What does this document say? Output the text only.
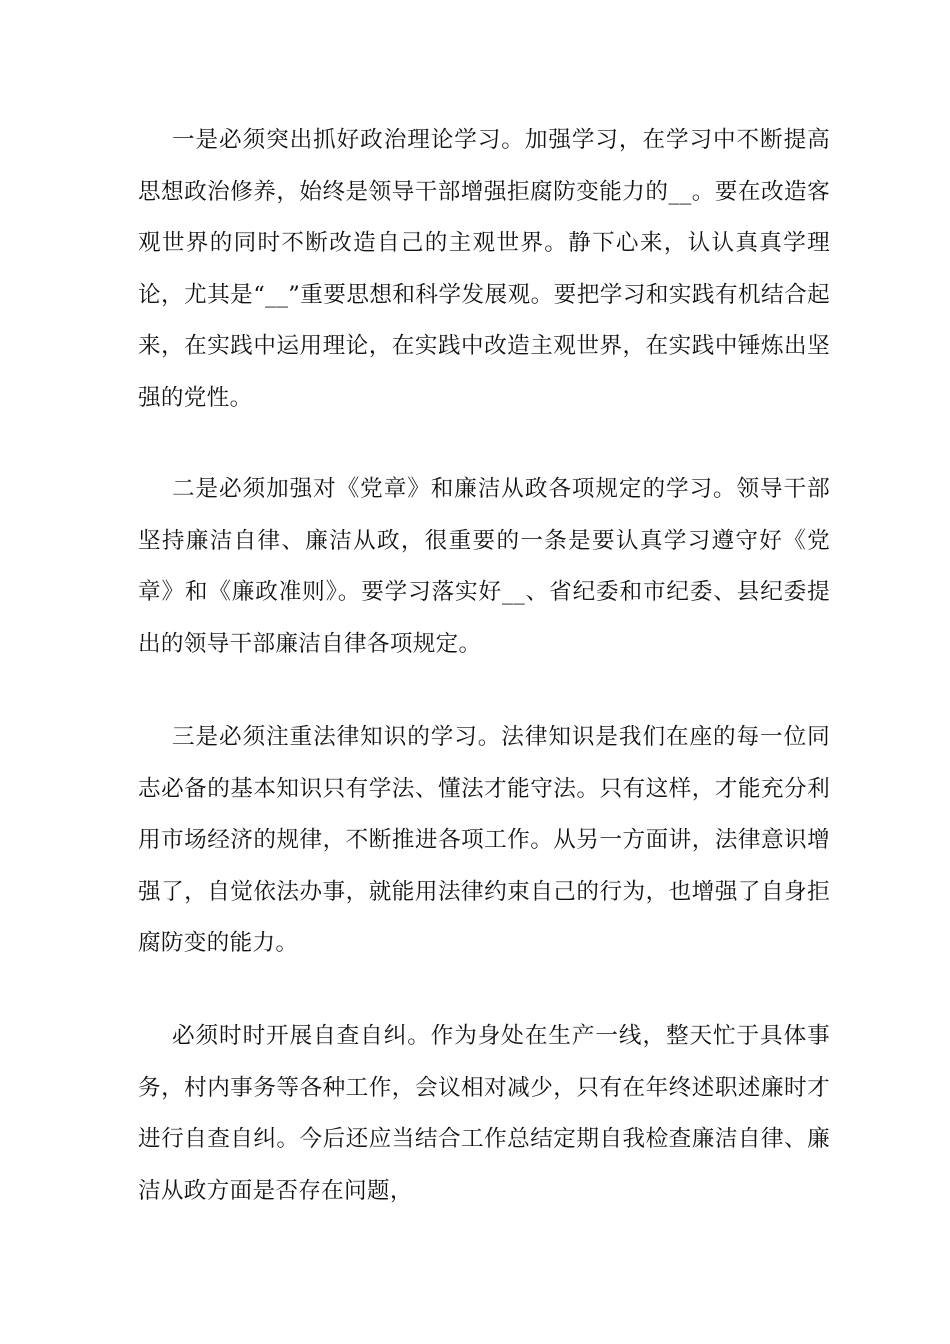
一是必须突出抓好政治理论学习。加强学习，在学习中不断提高思想政治修养，始终是领导干部增强拒腐防变能力的__。要在改造客观世界的同时不断改造自己的主观世界。静下心来，认认真真学理论，尤其是“__”重要思想和科学发展观。要把学习和实践有机结合起来，在实践中运用理论，在实践中改造主观世界，在实践中锤炼出坚强的党性。

二是必须加强对《党章》和廉洁从政各项规定的学习。领导干部坚持廉洁自律、廉洁从政，很重要的一条是要认真学习遵守好《党章》和《廉政准则》。要学习落实好__、省纪委和市纪委、县纪委提出的领导干部廉洁自律各项规定。

三是必须注重法律知识的学习。法律知识是我们在座的每一位同志必备的基本知识只有学法、懂法才能守法。只有这样，才能充分利用市场经济的规律，不断推进各项工作。从另一方面讲，法律意识增强了，自觉依法办事，就能用法律约束自己的行为，也增强了自身拒腐防变的能力。

必须时时开展自查自纠。作为身处在生产一线，整天忙于具体事务，村内事务等各种工作，会议相对减少，只有在年终述职述廉时才进行自查自纠。今后还应当结合工作总结定期自我检查廉洁自律、廉洁从政方面是否存在问题，
